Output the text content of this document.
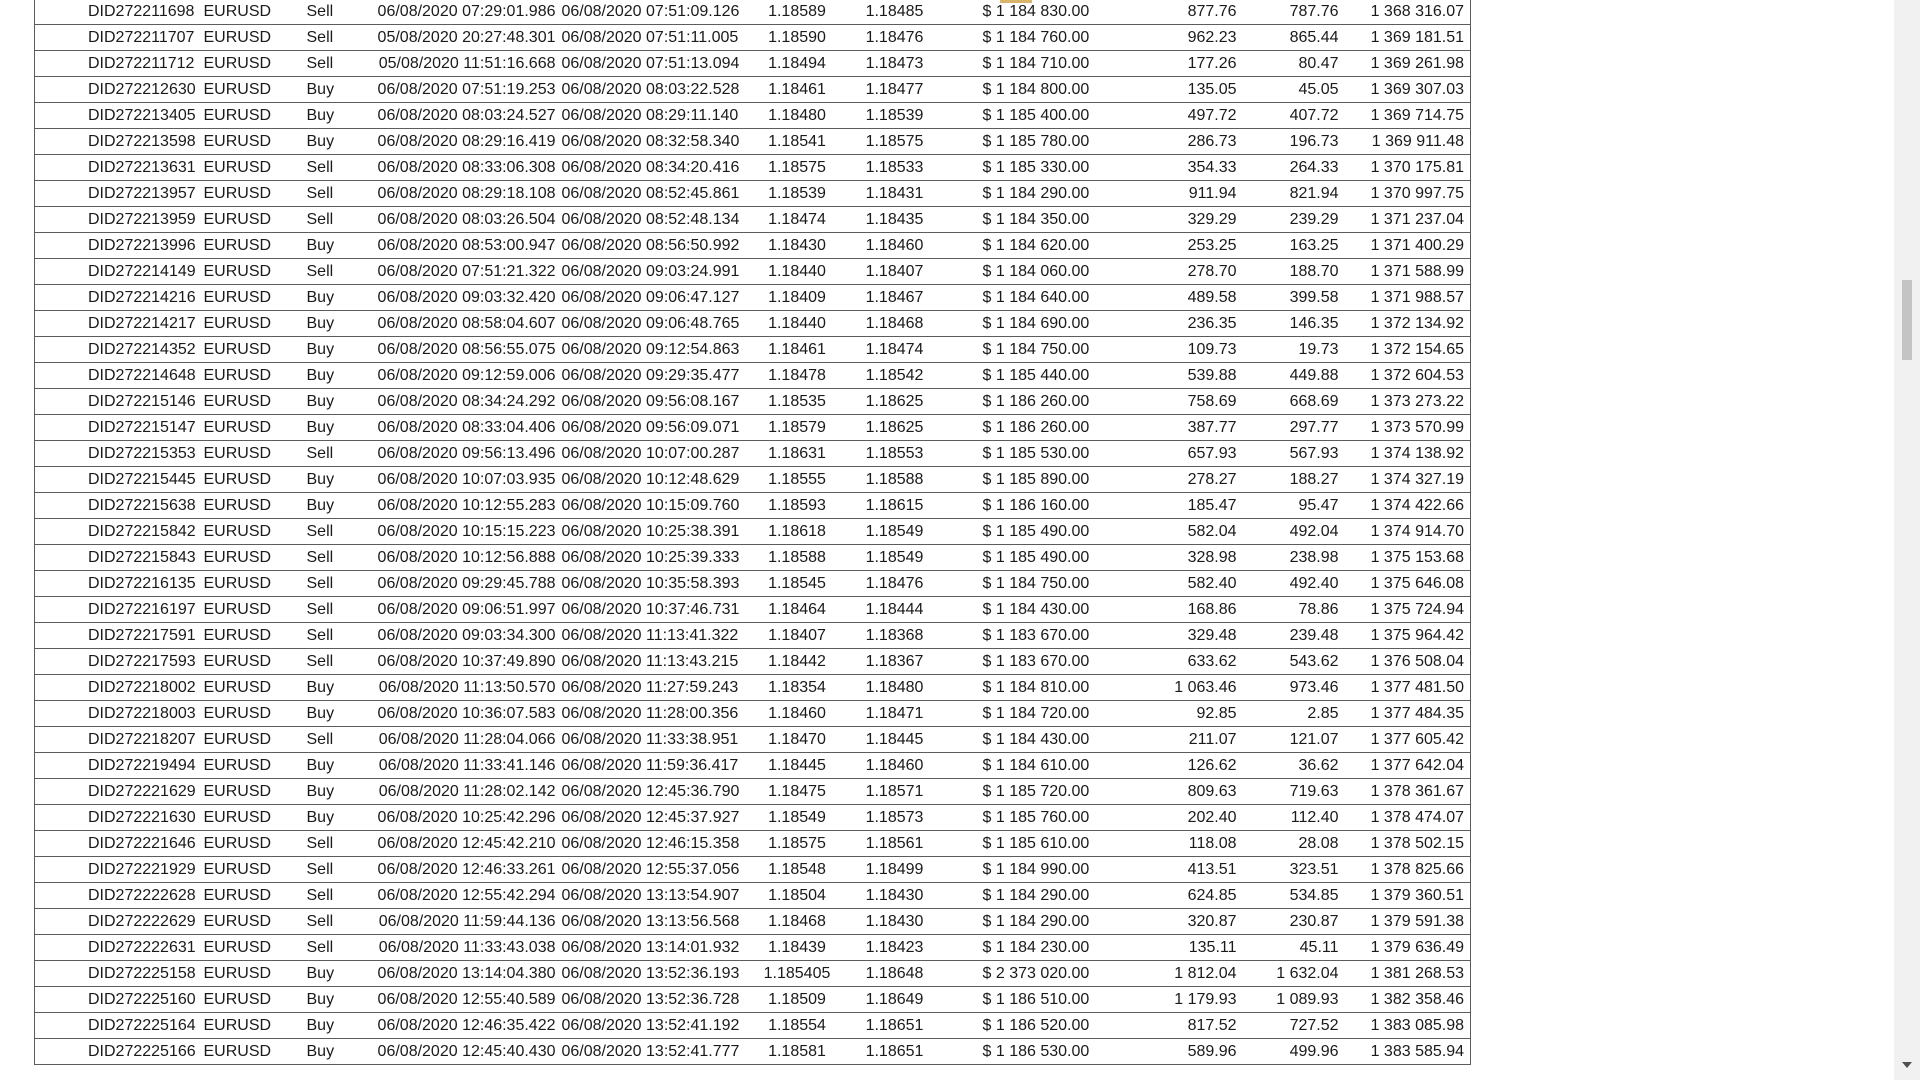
DID272211698	EURUSD	Sell	06/08/2020 07:29:01.986	06/08/2020 07:51:09.126	1.18589	1.18485	$ 1 184 830.00	877.76	787.76	1 368 316.07
DID272211707	EURUSD	Sell	05/08/2020 20:27:48.301	06/08/2020 07:51:11.005	1.18590	1.18476	$ 1 184 760.00	962.23	865.44	1 369 181.51
DID272211712	EURUSD	Sell	05/08/2020 11:51:16.668	06/08/2020 07:51:13.094	1.18494	1.18473	$ 1 184 710.00	177.26	80.47	1 369 261.98
DID272212630	EURUSD	Buy	06/08/2020 07:51:19.253	06/08/2020 08:03:22.528	1.18461	1.18477	$ 1 184 800.00	135.05	45.05	1 369 307.03
DID272213405	EURUSD	Buy	06/08/2020 08:03:24.527	06/08/2020 08:29:11.140	1.18480	1.18539	$ 1 185 400.00	497.72	407.72	1 369 714.75
DID272213598	EURUSD	Buy	06/08/2020 08:29:16.419	06/08/2020 08:32:58.340	1.18541	1.18575	$ 1 185 780.00	286.73	196.73	1 369 911.48
DID272213631	EURUSD	Sell	06/08/2020 08:33:06.308	06/08/2020 08:34:20.416	1.18575	1.18533	$ 1 185 330.00	354.33	264.33	1 370 175.81
DID272213957	EURUSD	Sell	06/08/2020 08:29:18.108	06/08/2020 08:52:45.861	1.18539	1.18431	$ 1 184 290.00	911.94	821.94	1 370 997.75
DID272213959	EURUSD	Sell	06/08/2020 08:03:26.504	06/08/2020 08:52:48.134	1.18474	1.18435	$ 1 184 350.00	329.29	239.29	1 371 237.04
DID272213996	EURUSD	Buy	06/08/2020 08:53:00.947	06/08/2020 08:56:50.992	1.18430	1.18460	$ 1 184 620.00	253.25	163.25	1 371 400.29
DID272214149	EURUSD	Sell	06/08/2020 07:51:21.322	06/08/2020 09:03:24.991	1.18440	1.18407	$ 1 184 060.00	278.70	188.70	1 371 588.99
DID272214216	EURUSD	Buy	06/08/2020 09:03:32.420	06/08/2020 09:06:47.127	1.18409	1.18467	$ 1 184 640.00	489.58	399.58	1 371 988.57
DID272214217	EURUSD	Buy	06/08/2020 08:58:04.607	06/08/2020 09:06:48.765	1.18440	1.18468	$ 1 184 690.00	236.35	146.35	1 372 134.92
DID272214352	EURUSD	Buy	06/08/2020 08:56:55.075	06/08/2020 09:12:54.863	1.18461	1.18474	$ 1 184 750.00	109.73	19.73	1 372 154.65
DID272214648	EURUSD	Buy	06/08/2020 09:12:59.006	06/08/2020 09:29:35.477	1.18478	1.18542	$ 1 185 440.00	539.88	449.88	1 372 604.53
DID272215146	EURUSD	Buy	06/08/2020 08:34:24.292	06/08/2020 09:56:08.167	1.18535	1.18625	$ 1 186 260.00	758.69	668.69	1 373 273.22
DID272215147	EURUSD	Buy	06/08/2020 08:33:04.406	06/08/2020 09:56:09.071	1.18579	1.18625	$ 1 186 260.00	387.77	297.77	1 373 570.99
DID272215353	EURUSD	Sell	06/08/2020 09:56:13.496	06/08/2020 10:07:00.287	1.18631	1.18553	$ 1 185 530.00	657.93	567.93	1 374 138.92
DID272215445	EURUSD	Buy	06/08/2020 10:07:03.935	06/08/2020 10:12:48.629	1.18555	1.18588	$ 1 185 890.00	278.27	188.27	1 374 327.19
DID272215638	EURUSD	Buy	06/08/2020 10:12:55.283	06/08/2020 10:15:09.760	1.18593	1.18615	$ 1 186 160.00	185.47	95.47	1 374 422.66
DID272215842	EURUSD	Sell	06/08/2020 10:15:15.223	06/08/2020 10:25:38.391	1.18618	1.18549	$ 1 185 490.00	582.04	492.04	1 374 914.70
DID272215843	EURUSD	Sell	06/08/2020 10:12:56.888	06/08/2020 10:25:39.333	1.18588	1.18549	$ 1 185 490.00	328.98	238.98	1 375 153.68
DID272216135	EURUSD	Sell	06/08/2020 09:29:45.788	06/08/2020 10:35:58.393	1.18545	1.18476	$ 1 184 750.00	582.40	492.40	1 375 646.08
DID272216197	EURUSD	Sell	06/08/2020 09:06:51.997	06/08/2020 10:37:46.731	1.18464	1.18444	$ 1 184 430.00	168.86	78.86	1 375 724.94
DID272217591	EURUSD	Sell	06/08/2020 09:03:34.300	06/08/2020 11:13:41.322	1.18407	1.18368	$ 1 183 670.00	329.48	239.48	1 375 964.42
DID272217593	EURUSD	Sell	06/08/2020 10:37:49.890	06/08/2020 11:13:43.215	1.18442	1.18367	$ 1 183 670.00	633.62	543.62	1 376 508.04
DID272218002	EURUSD	Buy	06/08/2020 11:13:50.570	06/08/2020 11:27:59.243	1.18354	1.18480	$ 1 184 810.00	1 063.46	973.46	1 377 481.50
DID272218003	EURUSD	Buy	06/08/2020 10:36:07.583	06/08/2020 11:28:00.356	1.18460	1.18471	$ 1 184 720.00	92.85	2.85	1 377 484.35
DID272218207	EURUSD	Sell	06/08/2020 11:28:04.066	06/08/2020 11:33:38.951	1.18470	1.18445	$ 1 184 430.00	211.07	121.07	1 377 605.42
DID272219494	EURUSD	Buy	06/08/2020 11:33:41.146	06/08/2020 11:59:36.417	1.18445	1.18460	$ 1 184 610.00	126.62	36.62	1 377 642.04
DID272221629	EURUSD	Buy	06/08/2020 11:28:02.142	06/08/2020 12:45:36.790	1.18475	1.18571	$ 1 185 720.00	809.63	719.63	1 378 361.67
DID272221630	EURUSD	Buy	06/08/2020 10:25:42.296	06/08/2020 12:45:37.927	1.18549	1.18573	$ 1 185 760.00	202.40	112.40	1 378 474.07
DID272221646	EURUSD	Sell	06/08/2020 12:45:42.210	06/08/2020 12:46:15.358	1.18575	1.18561	$ 1 185 610.00	118.08	28.08	1 378 502.15
DID272221929	EURUSD	Sell	06/08/2020 12:46:33.261	06/08/2020 12:55:37.056	1.18548	1.18499	$ 1 184 990.00	413.51	323.51	1 378 825.66
DID272222628	EURUSD	Sell	06/08/2020 12:55:42.294	06/08/2020 13:13:54.907	1.18504	1.18430	$ 1 184 290.00	624.85	534.85	1 379 360.51
DID272222629	EURUSD	Sell	06/08/2020 11:59:44.136	06/08/2020 13:13:56.568	1.18468	1.18430	$ 1 184 290.00	320.87	230.87	1 379 591.38
DID272222631	EURUSD	Sell	06/08/2020 11:33:43.038	06/08/2020 13:14:01.932	1.18439	1.18423	$ 1 184 230.00	135.11	45.11	1 379 636.49
DID272225158	EURUSD	Buy	06/08/2020 13:14:04.380	06/08/2020 13:52:36.193	1.185405	1.18648	$ 2 373 020.00	1 812.04	1 632.04	1 381 268.53
DID272225160	EURUSD	Buy	06/08/2020 12:55:40.589	06/08/2020 13:52:36.728	1.18509	1.18649	$ 1 186 510.00	1 179.93	1 089.93	1 382 358.46
DID272225164	EURUSD	Buy	06/08/2020 12:46:35.422	06/08/2020 13:52:41.192	1.18554	1.18651	$ 1 186 520.00	817.52	727.52	1 383 085.98
DID272225166	EURUSD	Buy	06/08/2020 12:45:40.430	06/08/2020 13:52:41.777	1.18581	1.18651	$ 1 186 530.00	589.96	499.96	1 383 585.94
